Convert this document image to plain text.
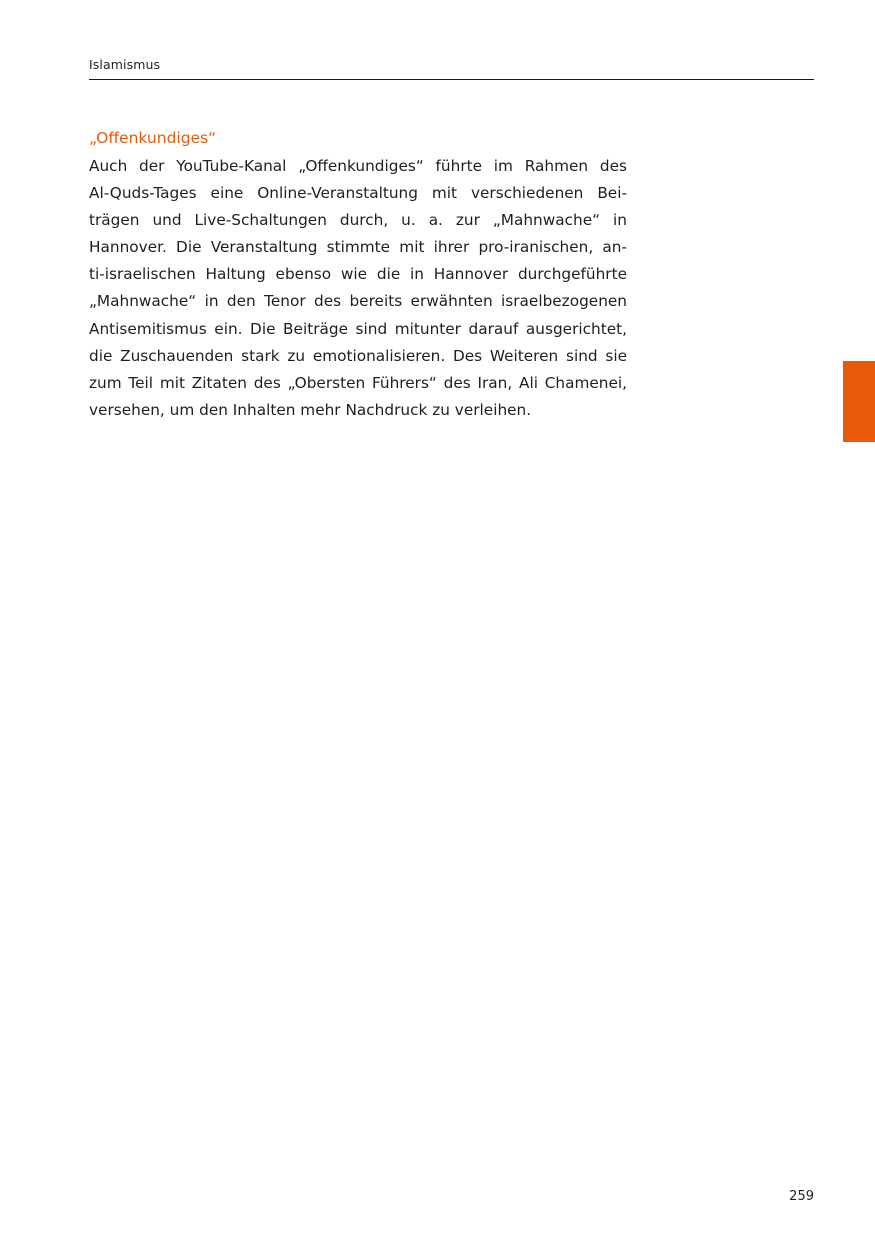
Islamismus
„Offenkundiges“
Auch der YouTube-Kanal „Offenkundiges“ führte im Rahmen des
Al-Quds-Tages eine Online-Veranstaltung mit verschiedenen Bei-
trägen und Live-Schaltungen durch, u. a. zur „Mahnwache“ in
Hannover. Die Veranstaltung stimmte mit ihrer pro-iranischen, an-
ti-israelischen Haltung ebenso wie die in Hannover durchgeführte
„Mahnwache“ in den Tenor des bereits erwähnten israelbezogenen
Antisemitismus ein. Die Beiträge sind mitunter darauf ausgerichtet,
die Zuschauenden stark zu emotionalisieren. Des Weiteren sind sie
zum Teil mit Zitaten des „Obersten Führers“ des Iran, Ali Chamenei,
versehen, um den Inhalten mehr Nachdruck zu verleihen.
259
